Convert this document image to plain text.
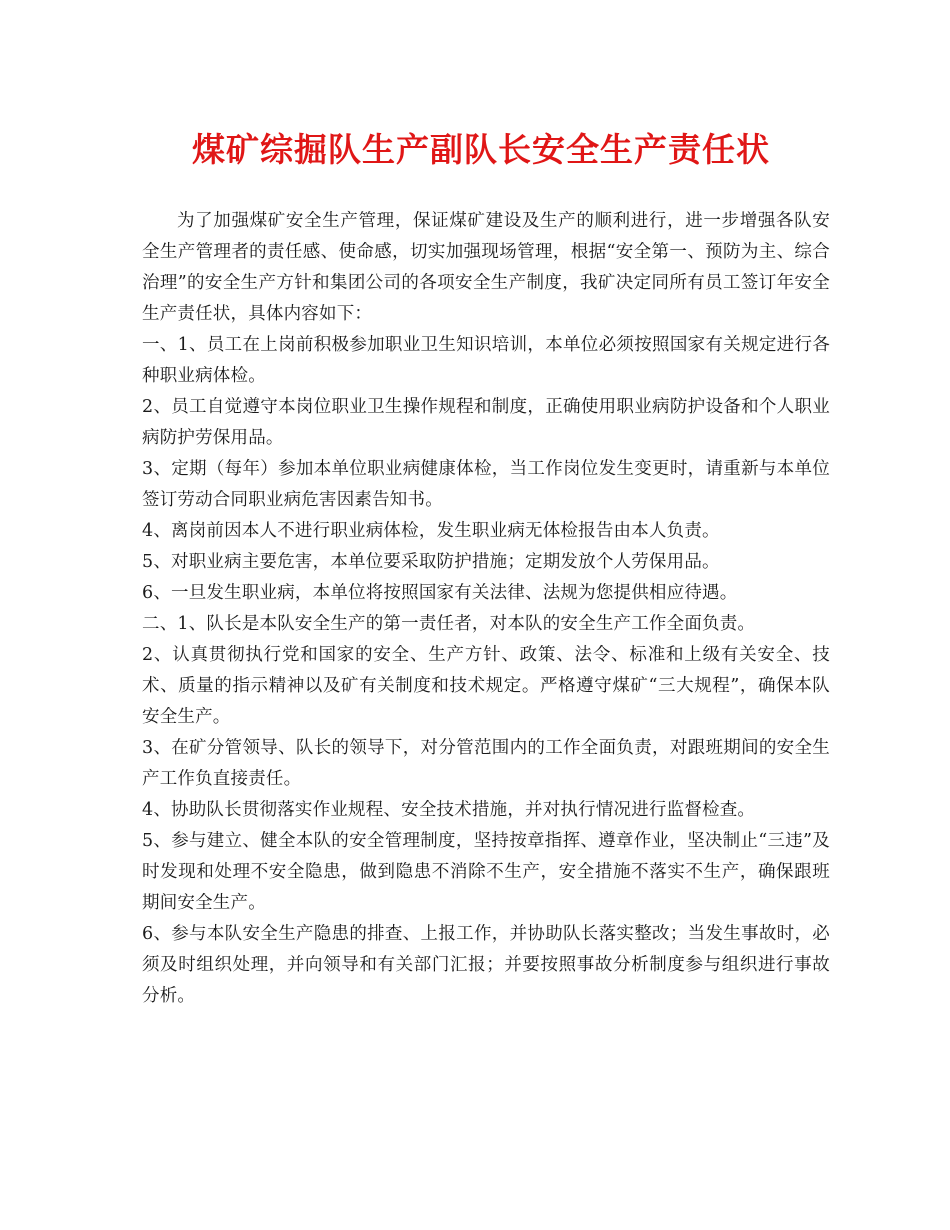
煤矿综掘队生产副队长安全生产责任状

为了加强煤矿安全生产管理，保证煤矿建设及生产的顺利进行，进一步增强各队安全生产管理者的责任感、使命感，切实加强现场管理，根据“安全第一、预防为主、综合治理”的安全生产方针和集团公司的各项安全生产制度，我矿决定同所有员工签订年安全生产责任状，具体内容如下：

一、1、员工在上岗前积极参加职业卫生知识培训，本单位必须按照国家有关规定进行各种职业病体检。

2、员工自觉遵守本岗位职业卫生操作规程和制度，正确使用职业病防护设备和个人职业病防护劳保用品。

3、定期（每年）参加本单位职业病健康体检，当工作岗位发生变更时，请重新与本单位签订劳动合同职业病危害因素告知书。

4、离岗前因本人不进行职业病体检，发生职业病无体检报告由本人负责。

5、对职业病主要危害，本单位要采取防护措施；定期发放个人劳保用品。

6、一旦发生职业病，本单位将按照国家有关法律、法规为您提供相应待遇。

二、1、队长是本队安全生产的第一责任者，对本队的安全生产工作全面负责。

2、认真贯彻执行党和国家的安全、生产方针、政策、法令、标准和上级有关安全、技术、质量的指示精神以及矿有关制度和技术规定。严格遵守煤矿“三大规程”，确保本队安全生产。

3、在矿分管领导、队长的领导下，对分管范围内的工作全面负责，对跟班期间的安全生产工作负直接责任。

4、协助队长贯彻落实作业规程、安全技术措施，并对执行情况进行监督检查。

5、参与建立、健全本队的安全管理制度，坚持按章指挥、遵章作业，坚决制止“三违”及时发现和处理不安全隐患，做到隐患不消除不生产，安全措施不落实不生产，确保跟班期间安全生产。

6、参与本队安全生产隐患的排查、上报工作，并协助队长落实整改；当发生事故时，必须及时组织处理，并向领导和有关部门汇报；并要按照事故分析制度参与组织进行事故分析。
